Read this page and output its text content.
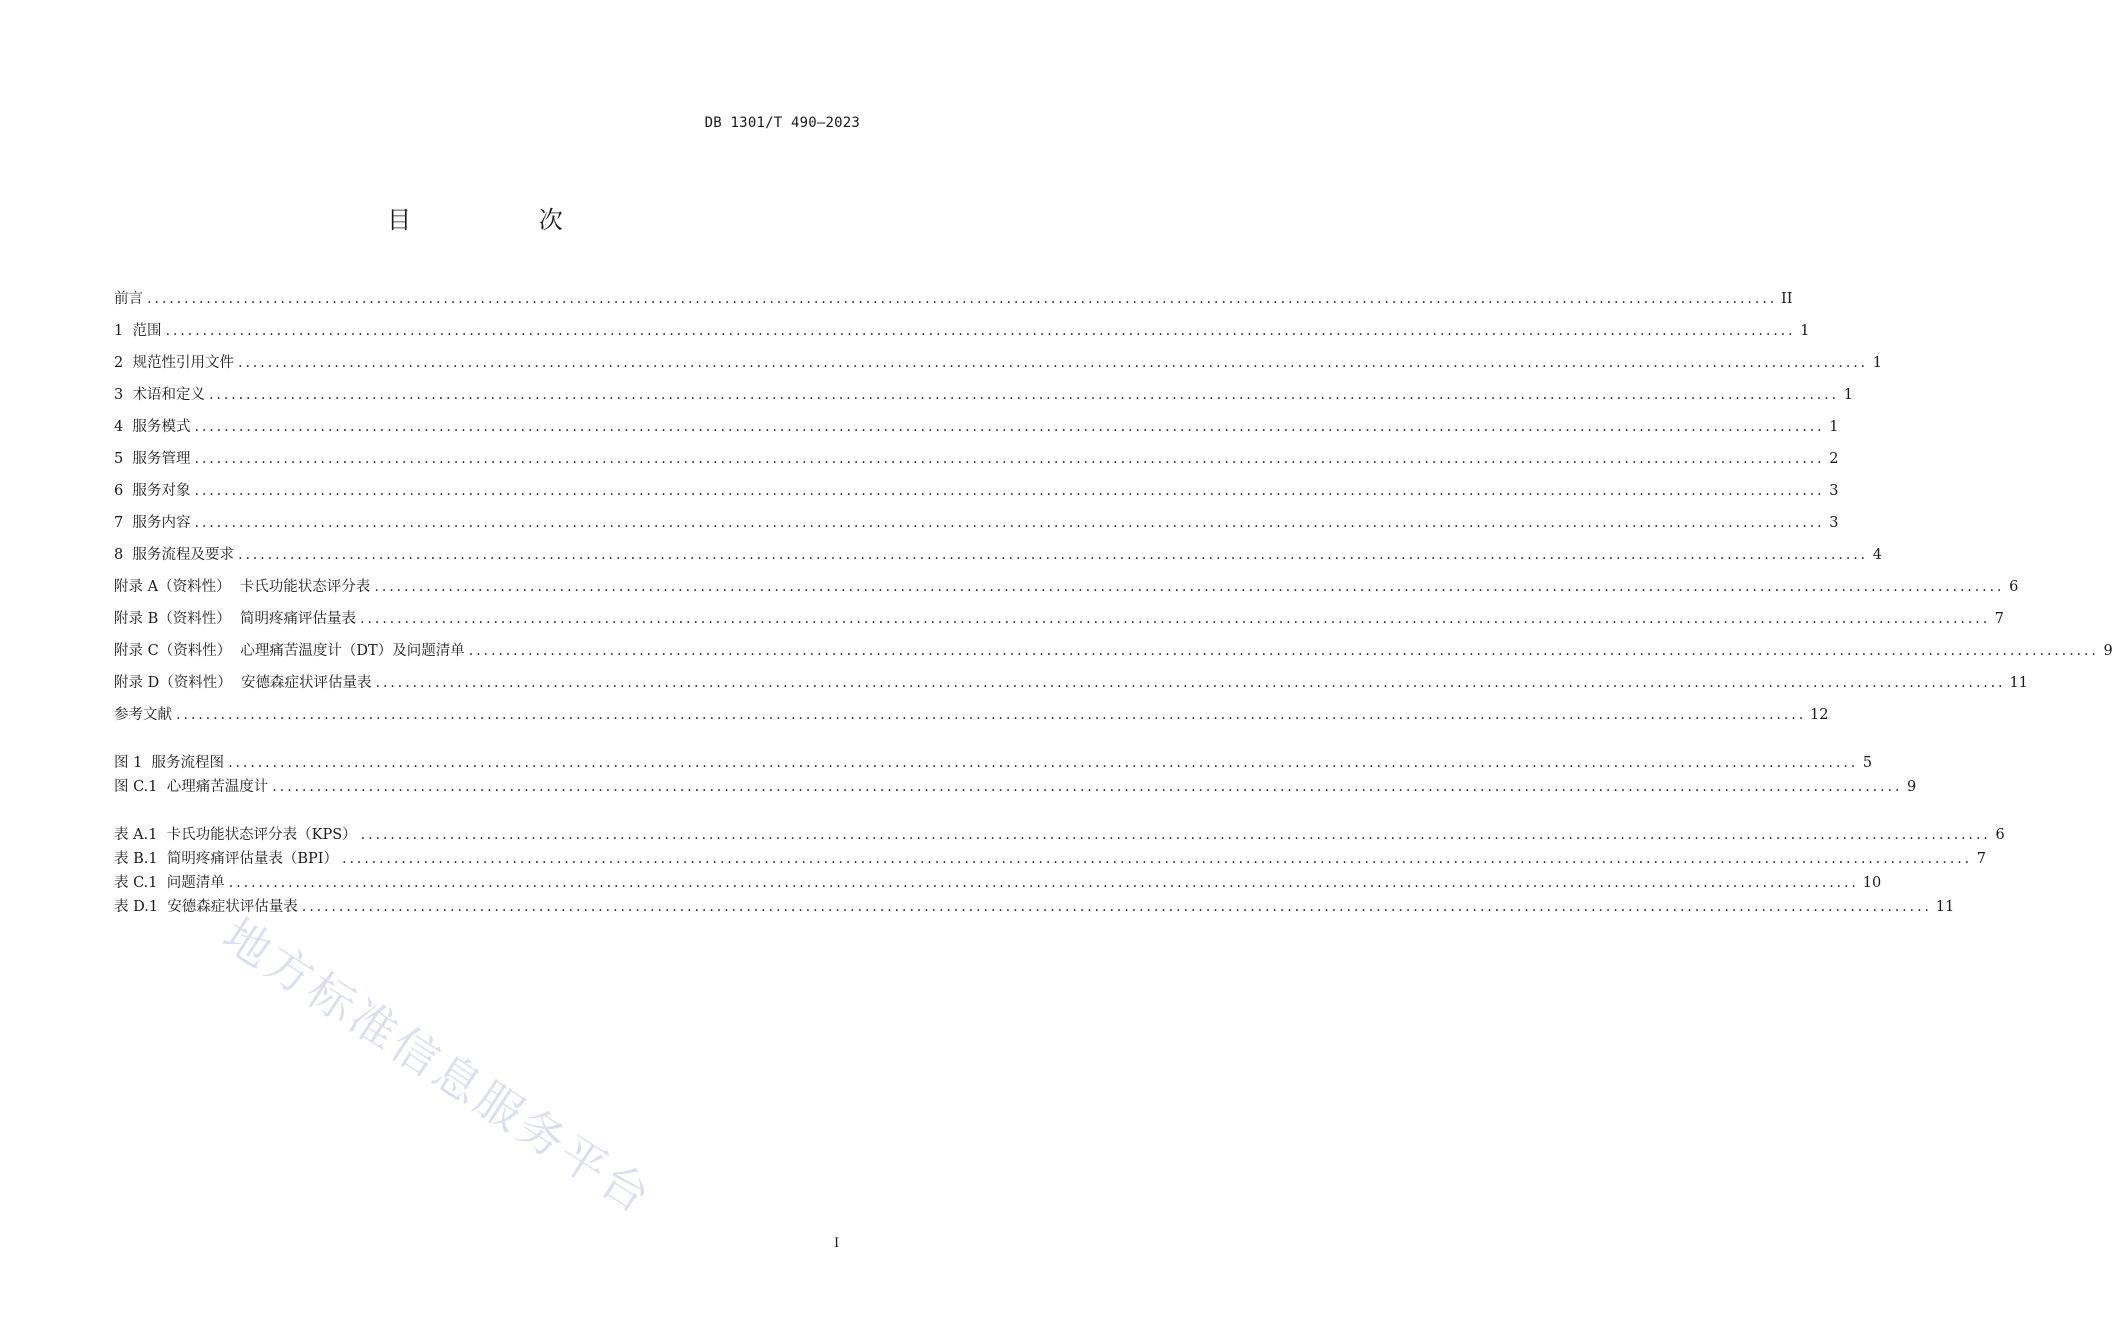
DB 1301/T 490—2023
目 次
前言 ............................................................................................................................................................................................................................ II
1  范围 ............................................................................................................................................................................................................................ 1
2  规范性引用文件 ............................................................................................................................................................................................................................ 1
3  术语和定义 ............................................................................................................................................................................................................................ 1
4  服务模式 ............................................................................................................................................................................................................................ 1
5  服务管理 ............................................................................................................................................................................................................................ 2
6  服务对象 ............................................................................................................................................................................................................................ 3
7  服务内容 ............................................................................................................................................................................................................................ 3
8  服务流程及要求 ............................................................................................................................................................................................................................ 4
附录 A（资料性）  卡氏功能状态评分表 ............................................................................................................................................................................................................................ 6
附录 B（资料性）  简明疼痛评估量表 ............................................................................................................................................................................................................................ 7
附录 C（资料性）  心理痛苦温度计（DT）及问题清单 ............................................................................................................................................................................................................................ 9
附录 D（资料性）  安德森症状评估量表 ............................................................................................................................................................................................................................ 11
参考文献 ............................................................................................................................................................................................................................ 12
图 1  服务流程图 ............................................................................................................................................................................................................................ 5
图 C.1  心理痛苦温度计 ............................................................................................................................................................................................................................ 9
表 A.1  卡氏功能状态评分表（KPS） ............................................................................................................................................................................................................................ 6
表 B.1  简明疼痛评估量表（BPI） ............................................................................................................................................................................................................................ 7
表 C.1  问题清单 ............................................................................................................................................................................................................................ 10
表 D.1  安德森症状评估量表 ............................................................................................................................................................................................................................ 11
地方标准信息服务平台
I
